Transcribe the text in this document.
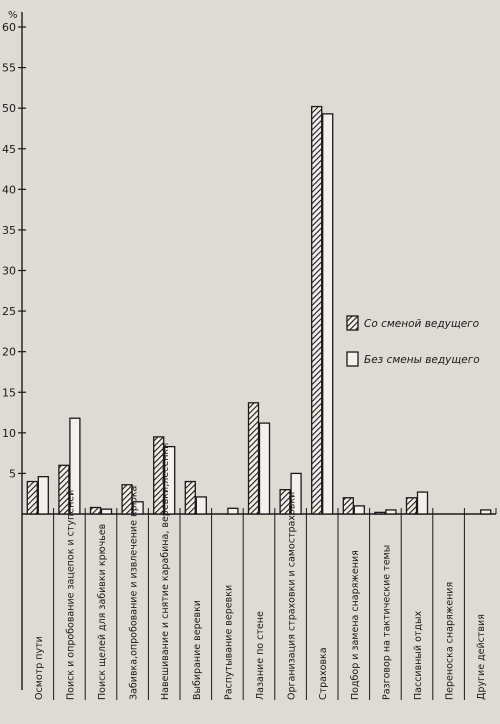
%
5
10
15
20
25
30
35
40
45
50
55
60
Осмотр пути Поиск и опробование зацепок и ступеней Поиск щелей для забивки крючьев Забивка,опробование и извлечение крюка Навешивание и снятие карабина, веревки,лесенки Выбирание веревки Распутывание веревки Лазание по стене Организация страховки и самостраховки Страховка Подбор и замена снаряжения Разговор на тактические темы Пассивный отдых Переноска снаряжения Другие действия
Со сменой ведущего
Без смены ведущего
